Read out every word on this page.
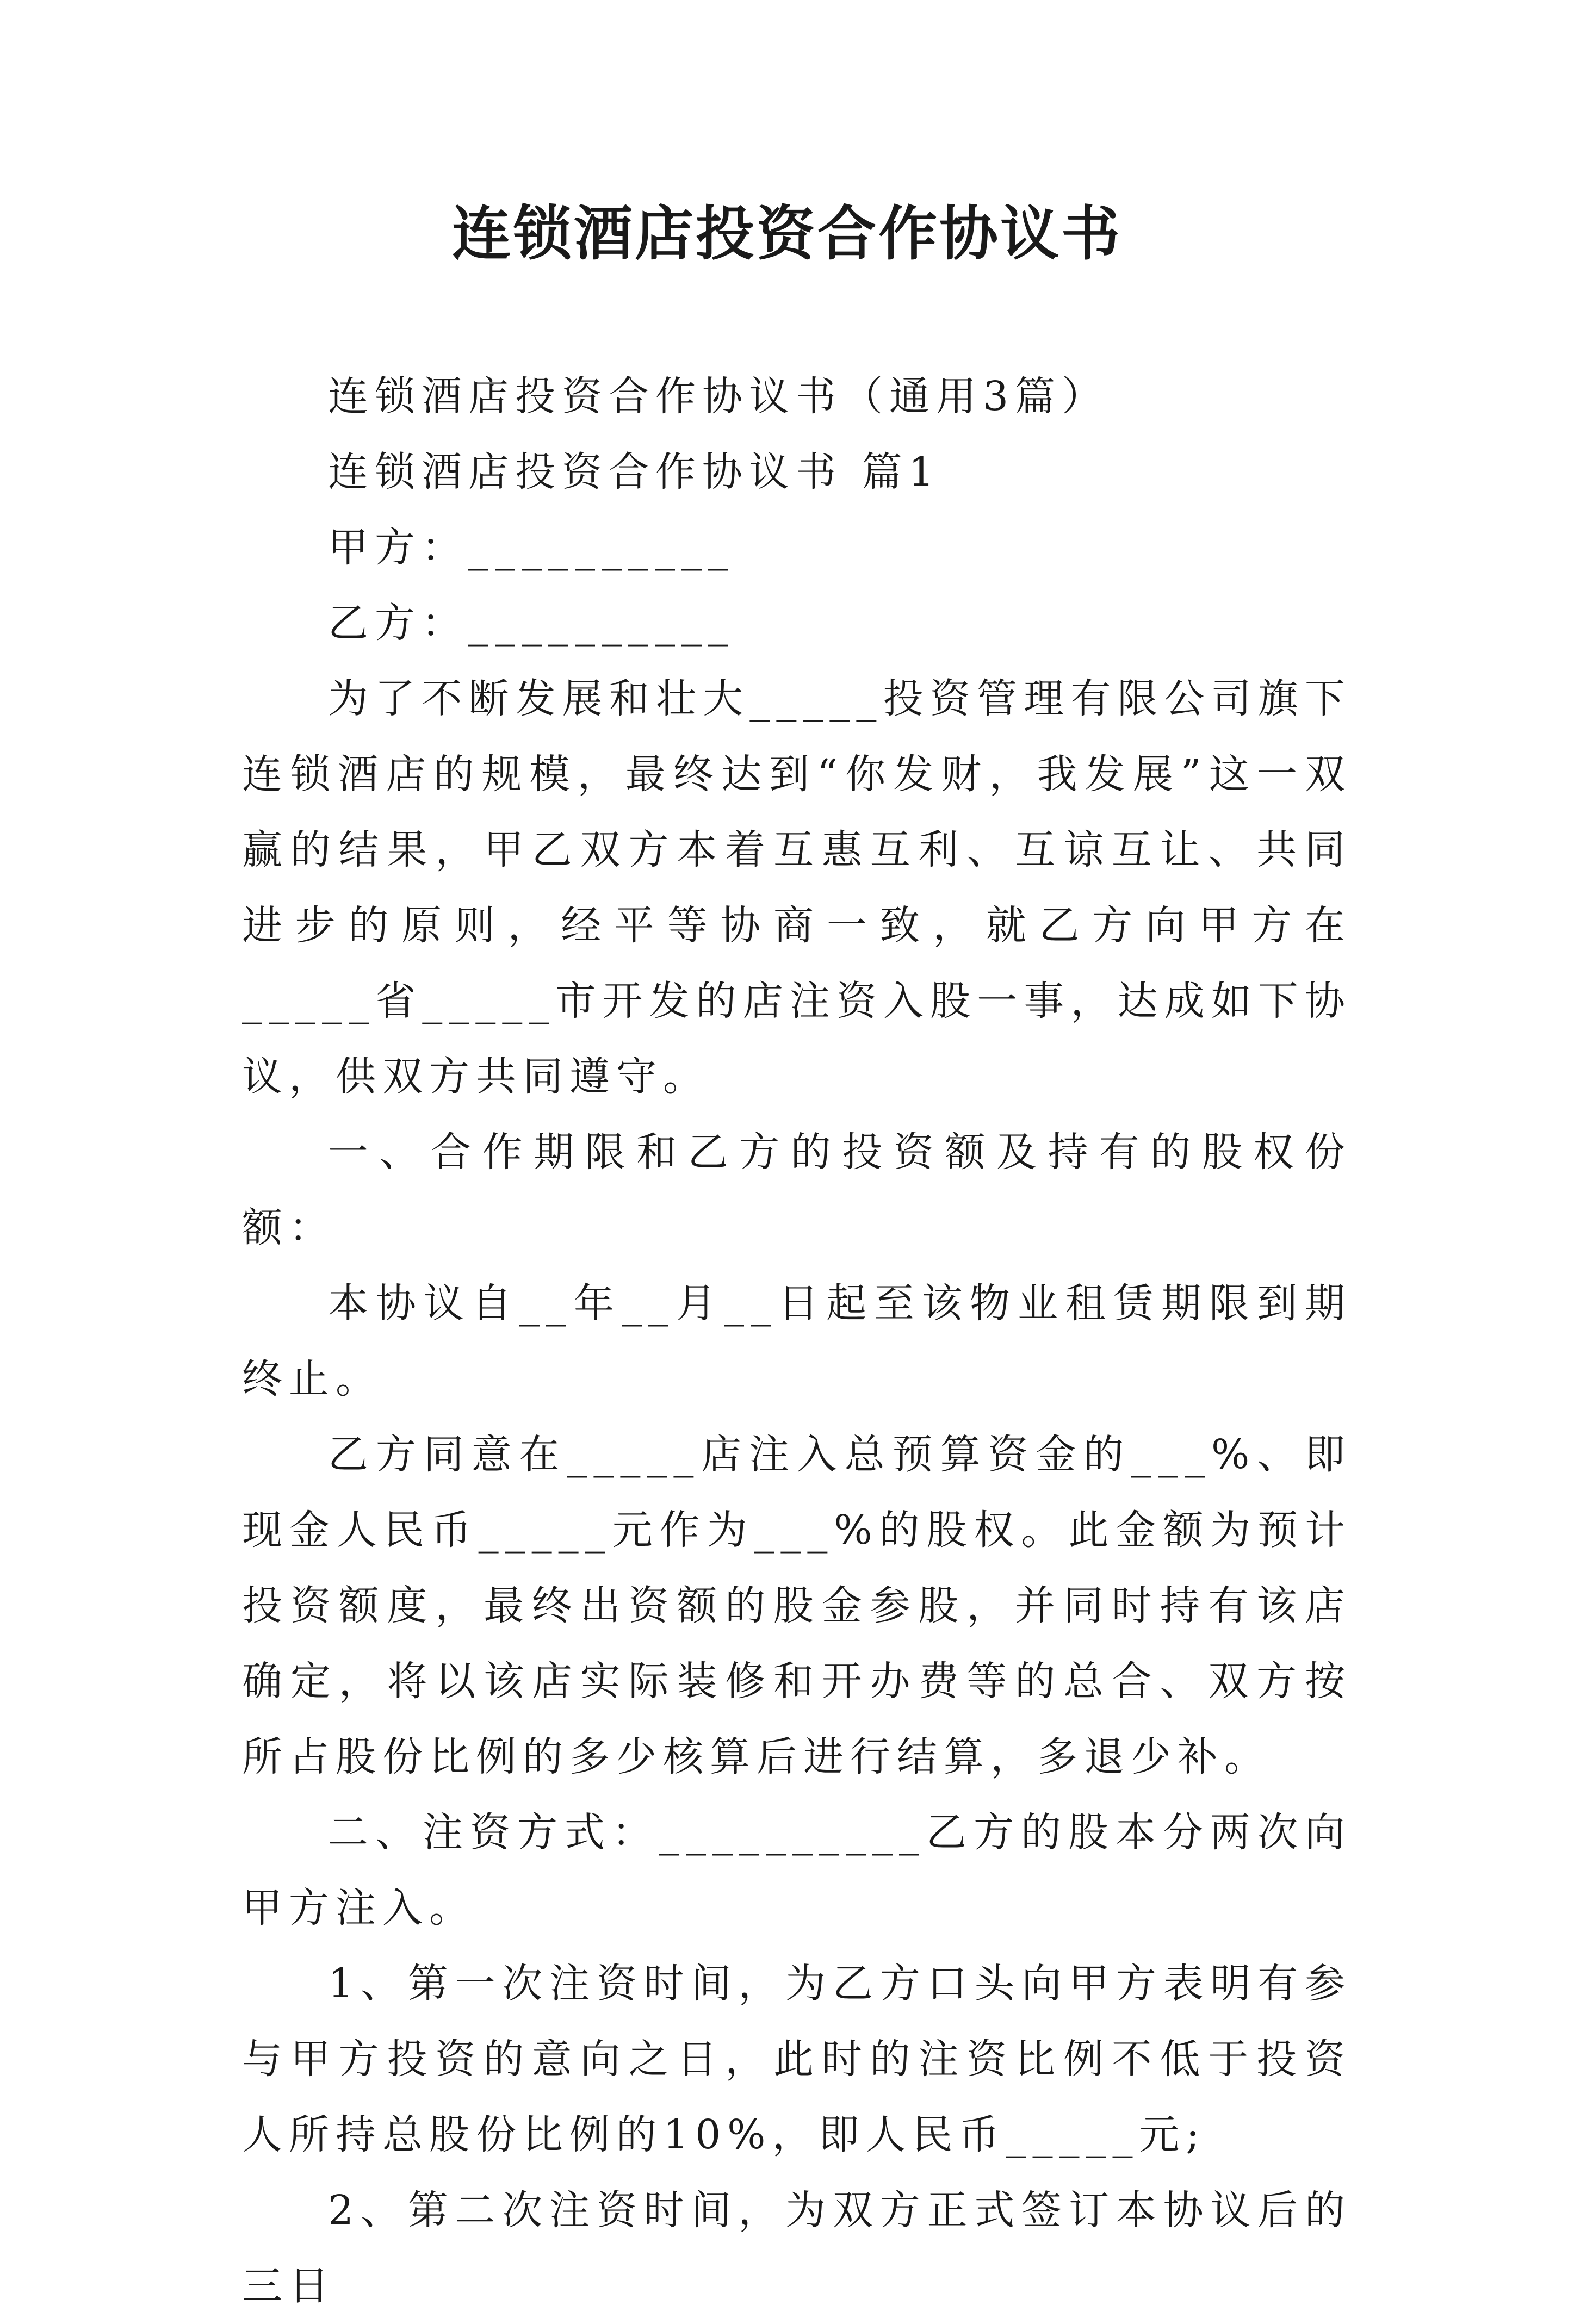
连锁酒店投资合作协议书

连锁酒店投资合作协议书（通用3篇）

连锁酒店投资合作协议书 篇1

甲方：__________

乙方：__________

为了不断发展和壮大_____投资管理有限公司旗下连锁酒店的规模，最终达到“你发财，我发展”这一双赢的结果，甲乙双方本着互惠互利、互谅互让、共同进步的原则，经平等协商一致，就乙方向甲方在_____省_____市开发的店注资入股一事，达成如下协议，供双方共同遵守。

一、合作期限和乙方的投资额及持有的股权份额：

本协议自__年__月__日起至该物业租赁期限到期终止。

乙方同意在_____店注入总预算资金的___%、即现金人民币_____元作为___%的股权。此金额为预计投资额度，最终出资额的股金参股，并同时持有该店确定，将以该店实际装修和开办费等的总合、双方按所占股份比例的多少核算后进行结算，多退少补。

二、注资方式：__________乙方的股本分两次向甲方注入。

1、第一次注资时间，为乙方口头向甲方表明有参与甲方投资的意向之日，此时的注资比例不低于投资人所持总股份比例的10%，即人民币_____元;

2、第二次注资时间，为双方正式签订本协议后的三日
